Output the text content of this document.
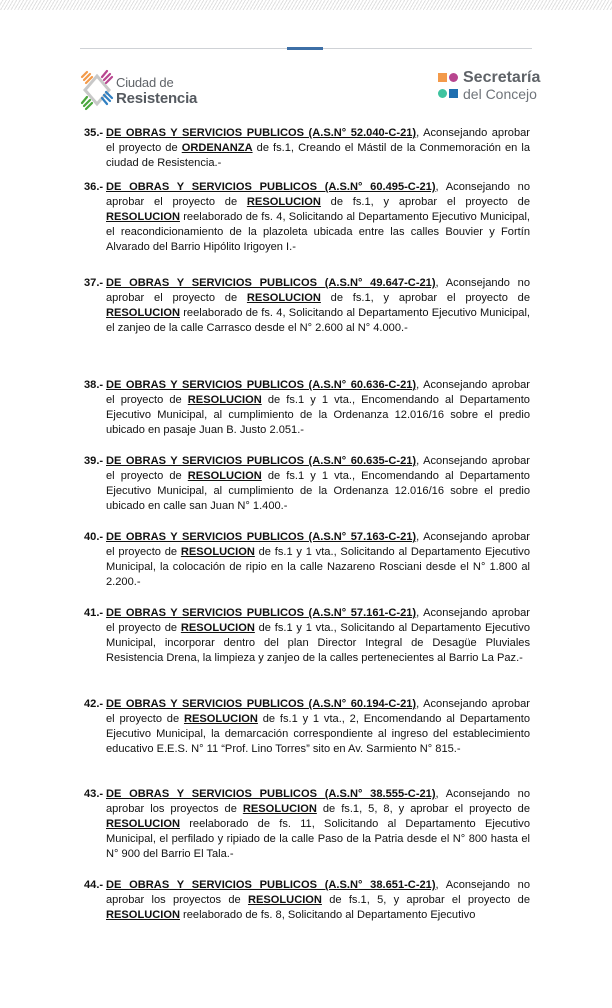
Ciudad de
Resistencia
Secretaría
del Concejo
35.- DE OBRAS Y SERVICIOS PUBLICOS (A.S.N° 52.040-C-21), Aconsejando aprobar el proyecto de ORDENANZA de fs.1, Creando el Mástil de la Conmemoración en la ciudad de Resistencia.-
36.- DE OBRAS Y SERVICIOS PUBLICOS (A.S.N° 60.495-C-21), Aconsejando no aprobar el proyecto de RESOLUCION de fs.1, y aprobar el proyecto de RESOLUCION reelaborado de fs. 4, Solicitando al Departamento Ejecutivo Municipal, el reacondicionamiento de la plazoleta ubicada entre las calles Bouvier y Fortín Alvarado del Barrio Hipólito Irigoyen I.-
37.- DE OBRAS Y SERVICIOS PUBLICOS (A.S.N° 49.647-C-21), Aconsejando no aprobar el proyecto de RESOLUCION de fs.1, y aprobar el proyecto de RESOLUCION reelaborado de fs. 4, Solicitando al Departamento Ejecutivo Municipal, el zanjeo de la calle Carrasco desde el N° 2.600 al N° 4.000.-
38.- DE OBRAS Y SERVICIOS PUBLICOS (A.S.N° 60.636-C-21), Aconsejando aprobar el proyecto de RESOLUCION de fs.1 y 1 vta., Encomendando al Departamento Ejecutivo Municipal, al cumplimiento de la Ordenanza 12.016/16 sobre el predio ubicado en pasaje Juan B. Justo 2.051.-
39.- DE OBRAS Y SERVICIOS PUBLICOS (A.S.N° 60.635-C-21), Aconsejando aprobar el proyecto de RESOLUCION de fs.1 y 1 vta., Encomendando al Departamento Ejecutivo Municipal, al cumplimiento de la Ordenanza 12.016/16 sobre el predio ubicado en calle san Juan N° 1.400.-
40.- DE OBRAS Y SERVICIOS PUBLICOS (A.S.N° 57.163-C-21), Aconsejando aprobar el proyecto de RESOLUCION de fs.1 y 1 vta., Solicitando al Departamento Ejecutivo Municipal, la colocación de ripio en la calle Nazareno Rosciani desde el N° 1.800 al 2.200.-
41.- DE OBRAS Y SERVICIOS PUBLICOS (A.S.N° 57.161-C-21), Aconsejando aprobar el proyecto de RESOLUCION de fs.1 y 1 vta., Solicitando al Departamento Ejecutivo Municipal, incorporar dentro del plan Director Integral de Desagüe Pluviales Resistencia Drena, la limpieza y zanjeo de la calles pertenecientes al Barrio La Paz.-
42.- DE OBRAS Y SERVICIOS PUBLICOS (A.S.N° 60.194-C-21), Aconsejando aprobar el proyecto de RESOLUCION de fs.1 y 1 vta., 2, Encomendando al Departamento Ejecutivo Municipal, la demarcación correspondiente al ingreso del establecimiento educativo E.E.S. N° 11 “Prof. Lino Torres” sito en Av. Sarmiento N° 815.-
43.- DE OBRAS Y SERVICIOS PUBLICOS (A.S.N° 38.555-C-21), Aconsejando no aprobar los proyectos de RESOLUCION de fs.1, 5, 8, y aprobar el proyecto de RESOLUCION reelaborado de fs. 11, Solicitando al Departamento Ejecutivo Municipal, el perfilado y ripiado de la calle Paso de la Patria desde el N° 800 hasta el N° 900 del Barrio El Tala.-
44.- DE OBRAS Y SERVICIOS PUBLICOS (A.S.N° 38.651-C-21), Aconsejando no aprobar los proyectos de RESOLUCION de fs.1, 5, y aprobar el proyecto de RESOLUCION reelaborado de fs. 8, Solicitando al Departamento Ejecutivo
